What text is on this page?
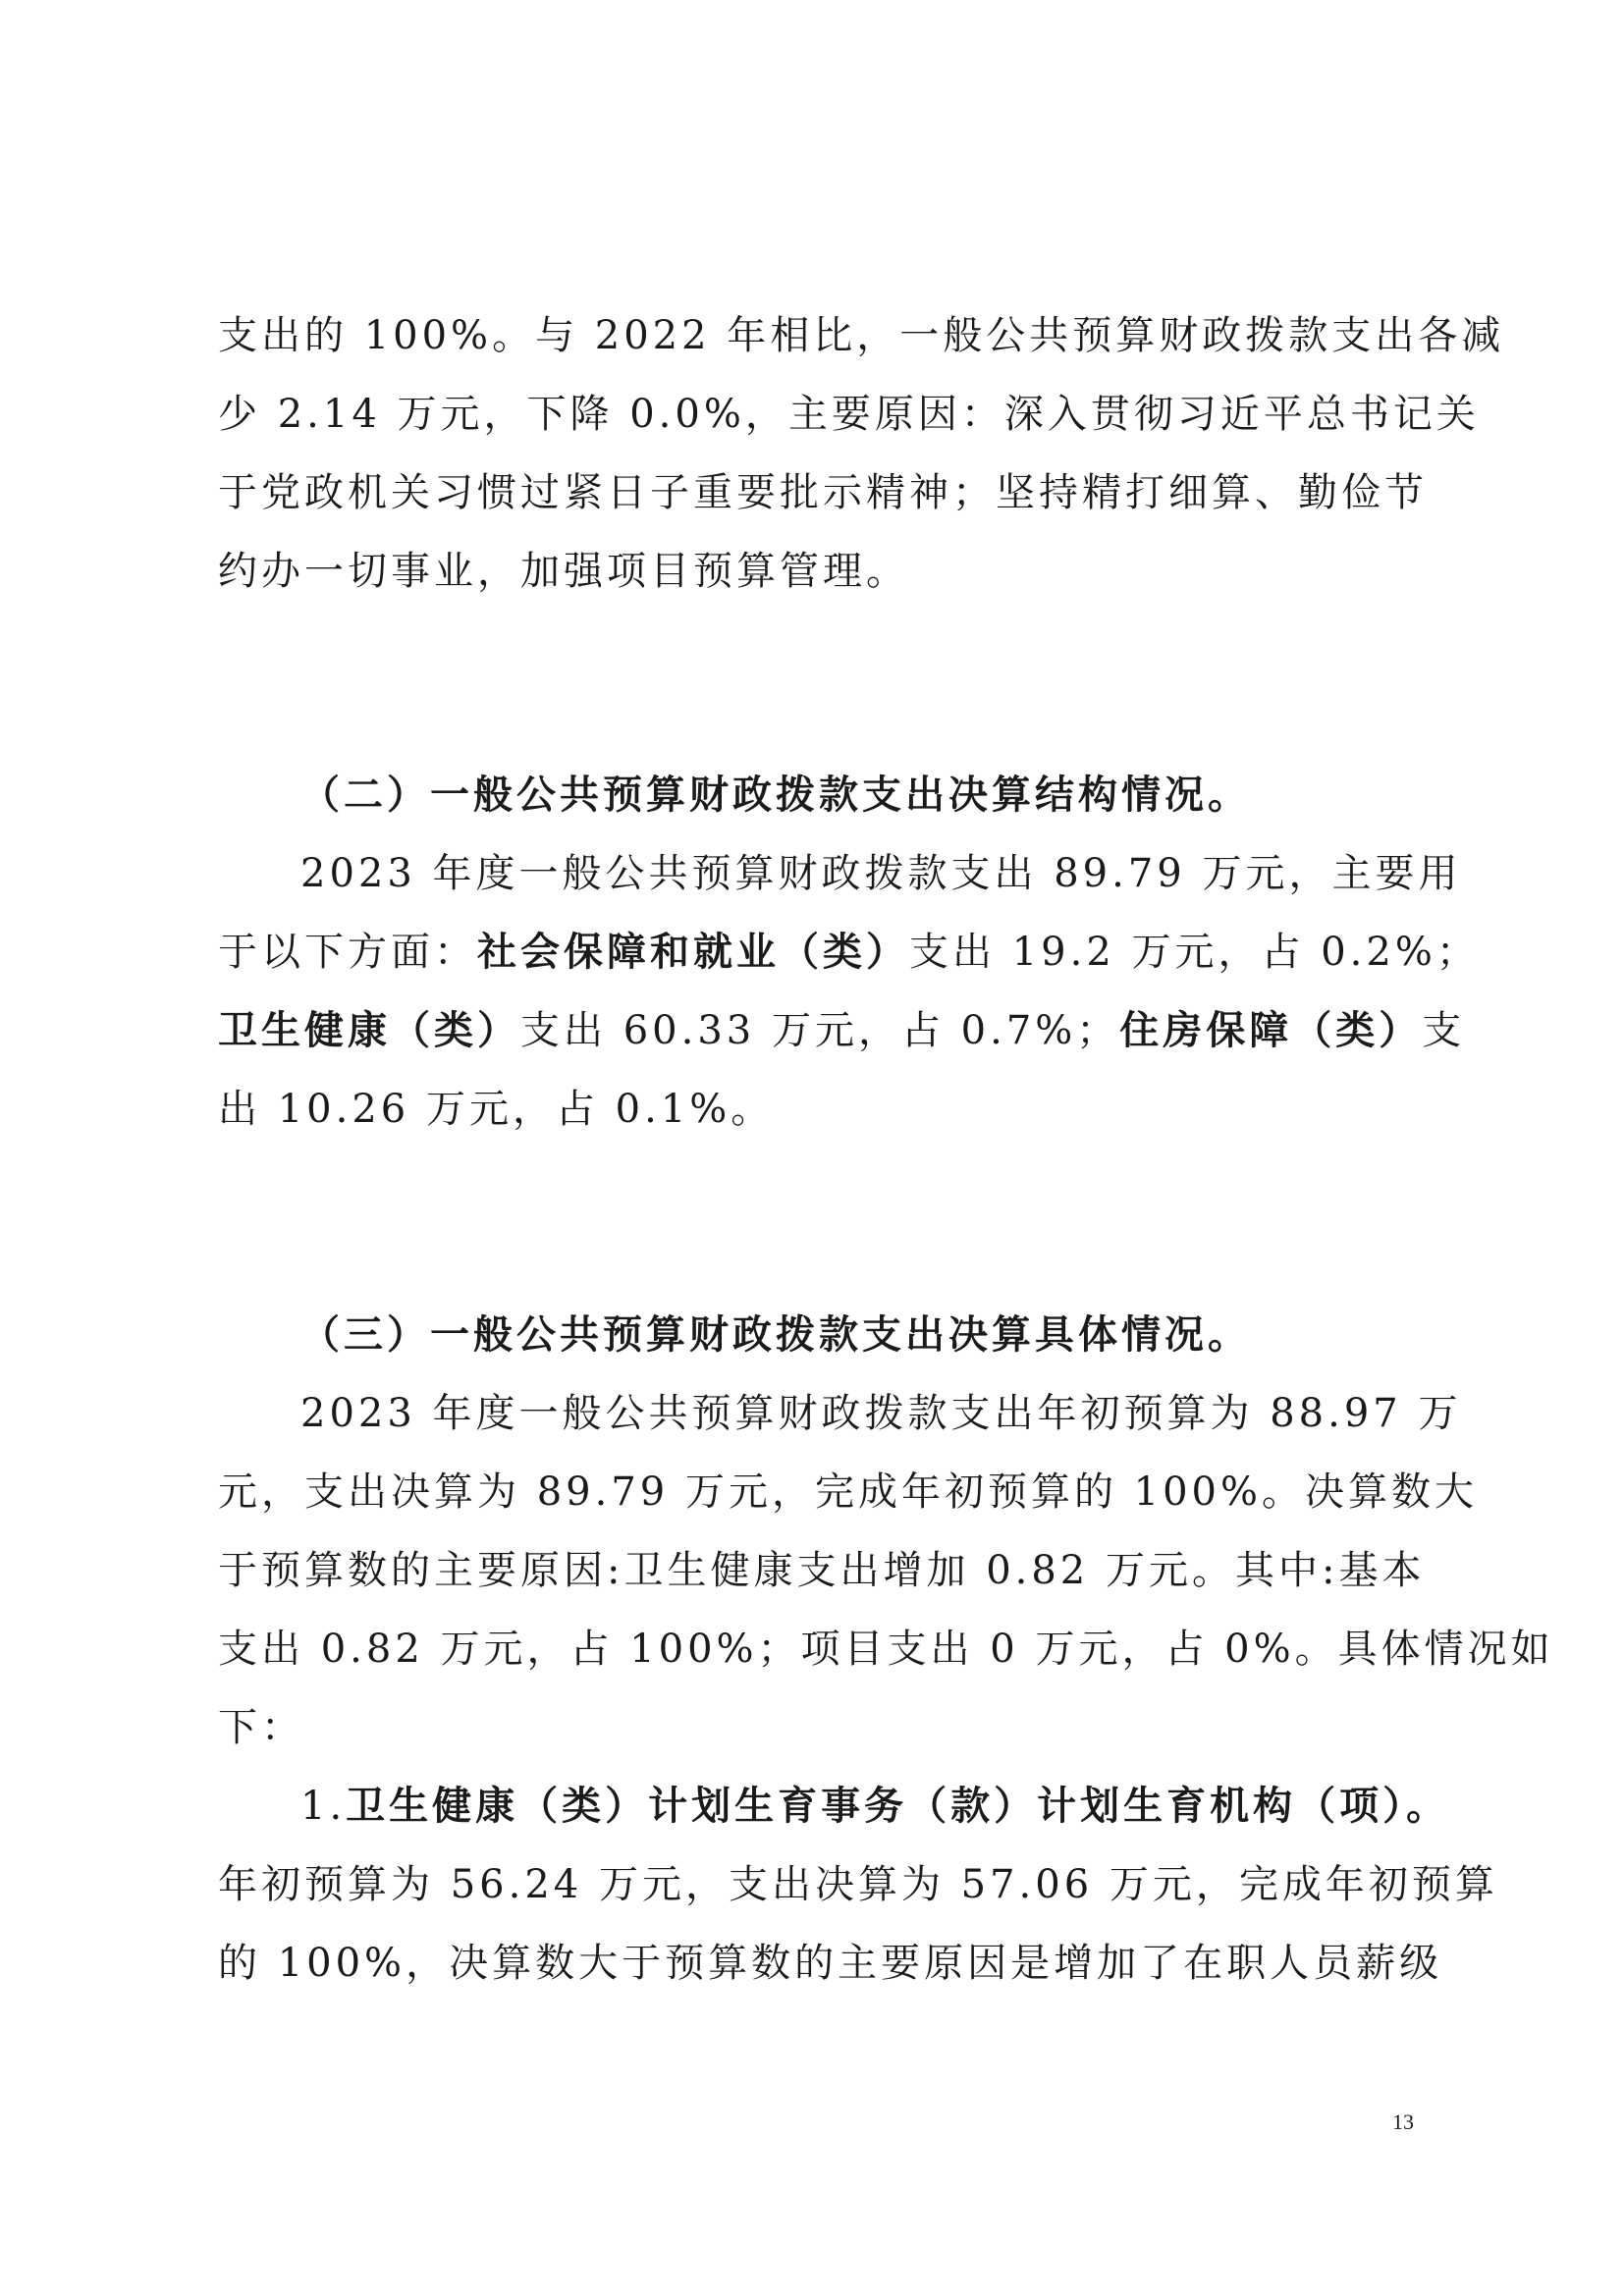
支出的 100%。与 2022 年相比，一般公共预算财政拨款支出各减
少 2.14 万元，下降 0.0%，主要原因：深入贯彻习近平总书记关
于党政机关习惯过紧日子重要批示精神；坚持精打细算、勤俭节
约办一切事业，加强项目预算管理。
（二）一般公共预算财政拨款支出决算结构情况。
2023 年度一般公共预算财政拨款支出 89.79 万元，主要用
于以下方面：社会保障和就业（类）支出 19.2 万元，占 0.2%；
卫生健康（类）支出 60.33 万元，占 0.7%；住房保障（类）支
出 10.26 万元，占 0.1%。
（三）一般公共预算财政拨款支出决算具体情况。
2023 年度一般公共预算财政拨款支出年初预算为 88.97 万
元，支出决算为 89.79 万元，完成年初预算的 100%。决算数大
于预算数的主要原因:卫生健康支出增加 0.82 万元。其中:基本
支出 0.82 万元，占 100%；项目支出 0 万元，占 0%。具体情况如
下：
1.卫生健康（类）计划生育事务（款）计划生育机构（项）。
年初预算为 56.24 万元，支出决算为 57.06 万元，完成年初预算
的 100%，决算数大于预算数的主要原因是增加了在职人员薪级
13
